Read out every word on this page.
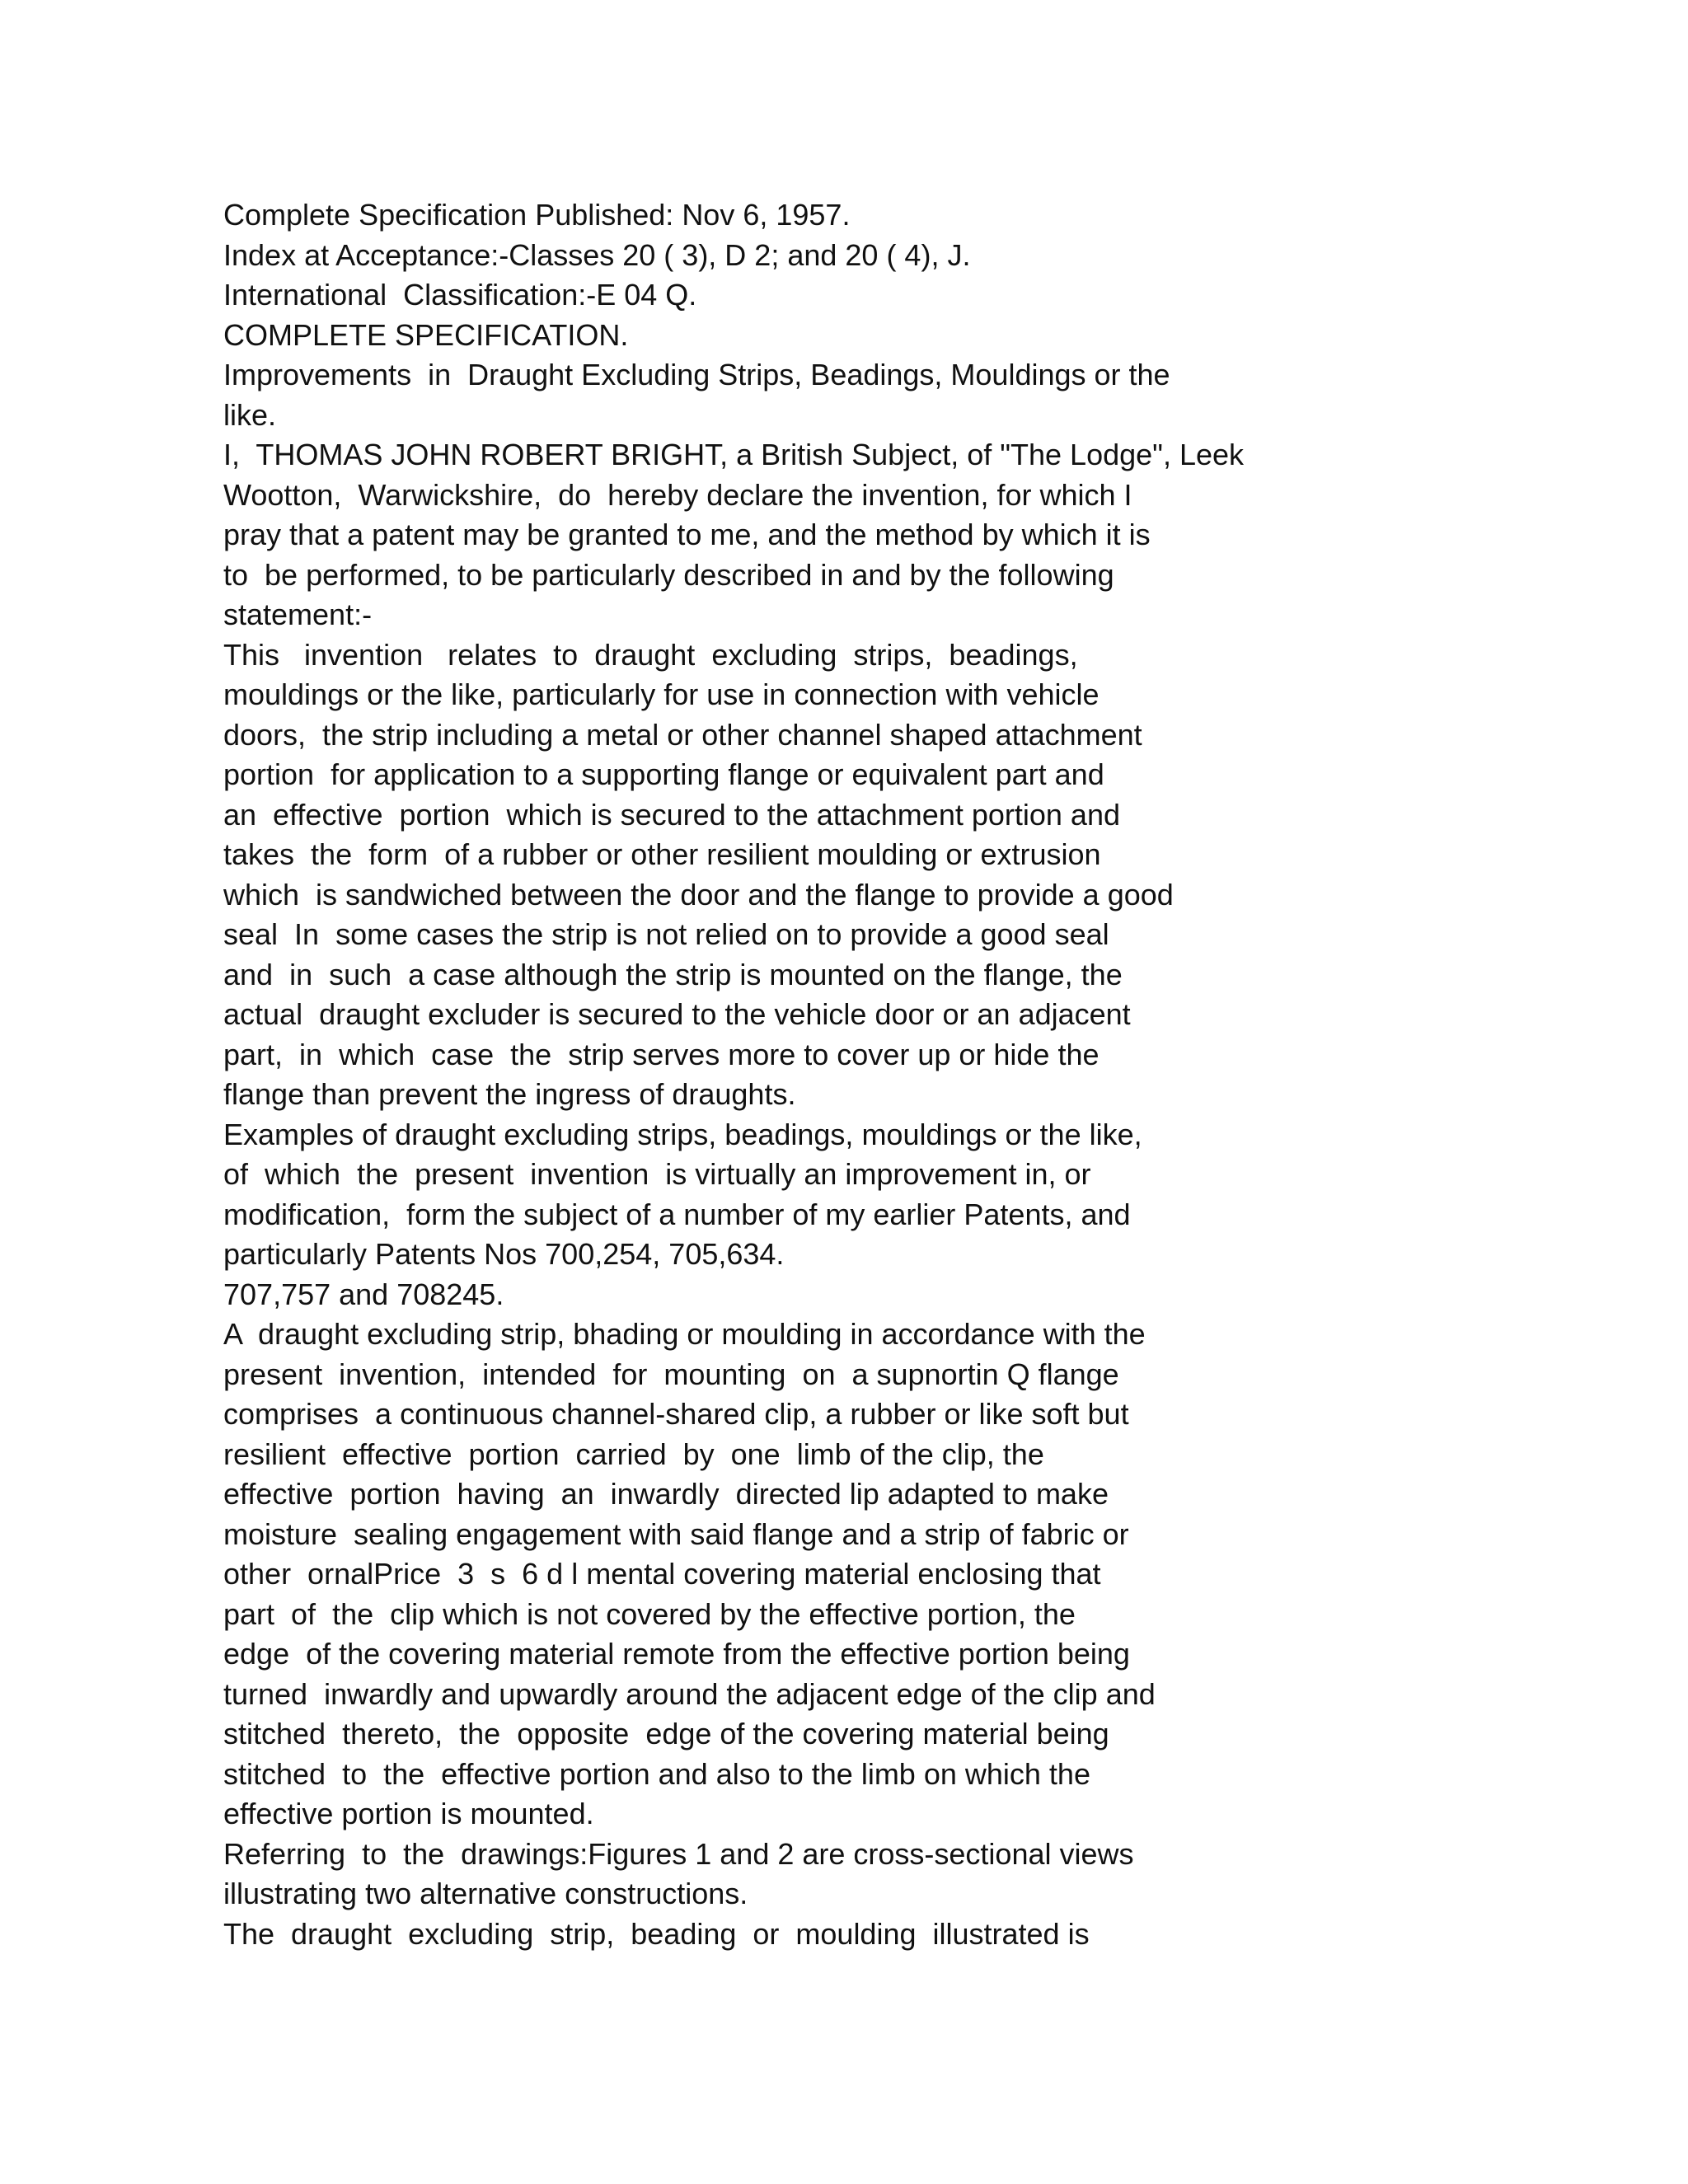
Complete Specification Published: Nov 6, 1957.
Index at Acceptance:-Classes 20 ( 3), D 2; and 20 ( 4), J.
International  Classification:-E 04 Q.
COMPLETE SPECIFICATION.
Improvements  in  Draught Excluding Strips, Beadings, Mouldings or the
like.
I,  THOMAS JOHN ROBERT BRIGHT, a British Subject, of "The Lodge", Leek
Wootton,  Warwickshire,  do  hereby declare the invention, for which I
pray that a patent may be granted to me, and the method by which it is
to  be performed, to be particularly described in and by the following
statement:-
This   invention   relates  to  draught  excluding  strips,  beadings,
mouldings or the like, particularly for use in connection with vehicle
doors,  the strip including a metal or other channel shaped attachment
portion  for application to a supporting flange or equivalent part and
an  effective  portion  which is secured to the attachment portion and
takes  the  form  of a rubber or other resilient moulding or extrusion
which  is sandwiched between the door and the flange to provide a good
seal  In  some cases the strip is not relied on to provide a good seal
and  in  such  a case although the strip is mounted on the flange, the
actual  draught excluder is secured to the vehicle door or an adjacent
part,  in  which  case  the  strip serves more to cover up or hide the
flange than prevent the ingress of draughts.
Examples of draught excluding strips, beadings, mouldings or the like,
of  which  the  present  invention  is virtually an improvement in, or
modification,  form the subject of a number of my earlier Patents, and
particularly Patents Nos 700,254, 705,634.
707,757 and 708245.
A  draught excluding strip, bhading or moulding in accordance with the
present  invention,  intended  for  mounting  on  a supnortin Q flange
comprises  a continuous channel-shared clip, a rubber or like soft but
resilient  effective  portion  carried  by  one  limb of the clip, the
effective  portion  having  an  inwardly  directed lip adapted to make
moisture  sealing engagement with said flange and a strip of fabric or
other  ornalPrice  3  s  6 d l mental covering material enclosing that
part  of  the  clip which is not covered by the effective portion, the
edge  of the covering material remote from the effective portion being
turned  inwardly and upwardly around the adjacent edge of the clip and
stitched  thereto,  the  opposite  edge of the covering material being
stitched  to  the  effective portion and also to the limb on which the
effective portion is mounted.
Referring  to  the  drawings:Figures 1 and 2 are cross-sectional views
illustrating two alternative constructions.
The  draught  excluding  strip,  beading  or  moulding  illustrated is
